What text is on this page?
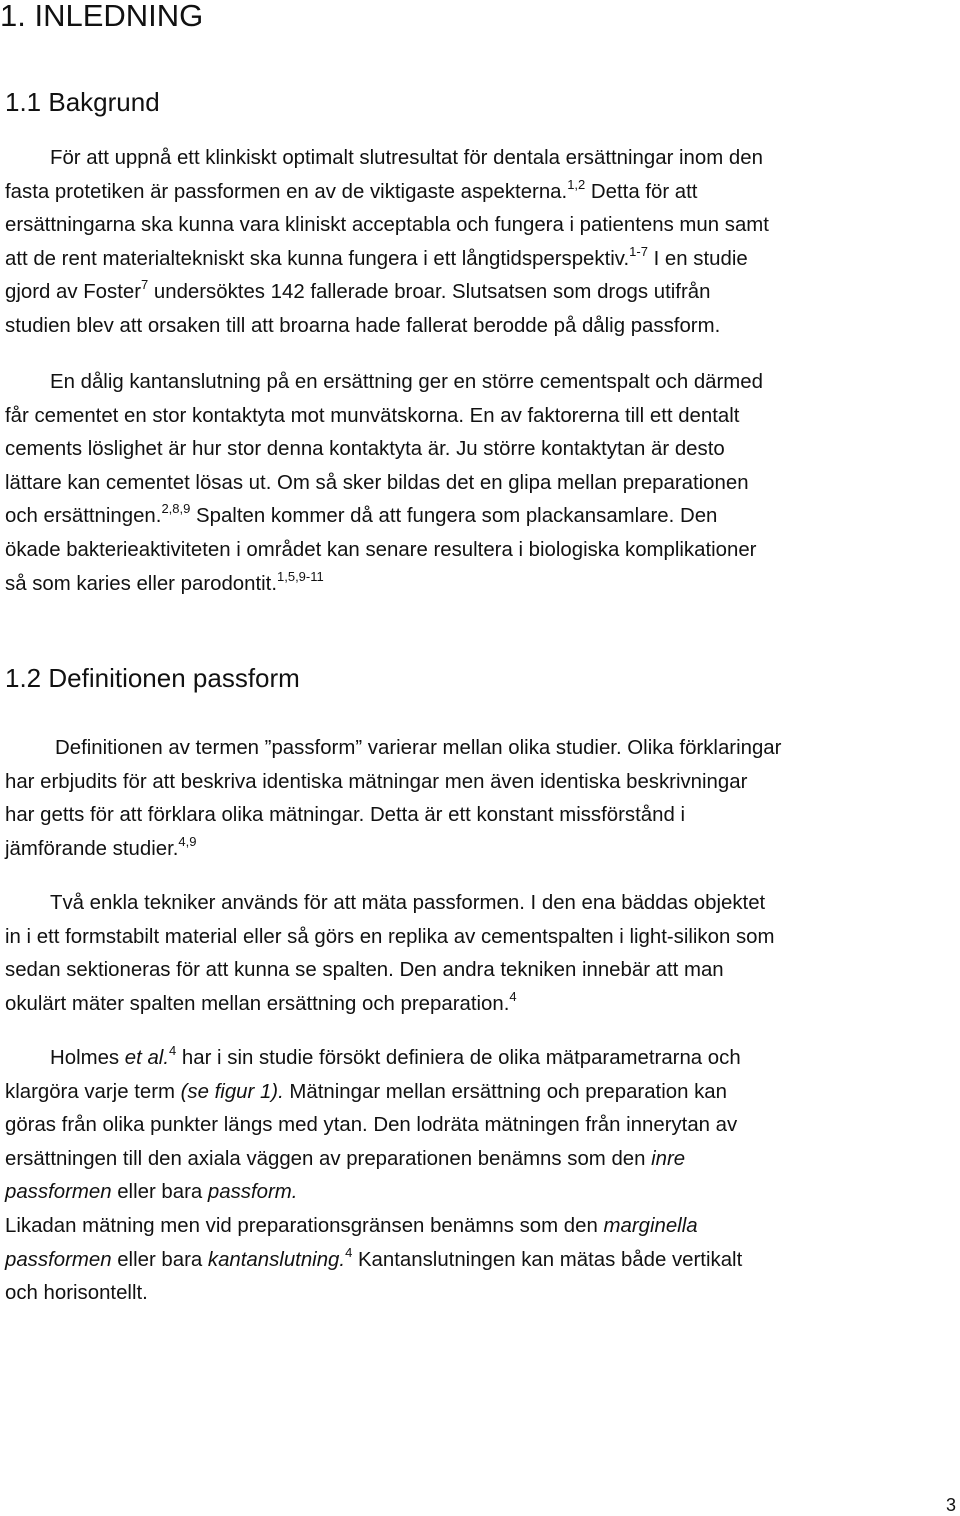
1. INLEDNING
1.1 Bakgrund
För att uppnå ett klinkiskt optimalt slutresultat för dentala ersättningar inom den
fasta protetiken är passformen en av de viktigaste aspekterna.$^{1,2}$ Detta för att
ersättningarna ska kunna vara kliniskt acceptabla och fungera i patientens mun samt
att de rent materialtekniskt ska kunna fungera i ett långtidsperspektiv.$^{1-7}$ I en studie
gjord av Foster$^7$ undersöktes 142 fallerade broar. Slutsatsen som drogs utifrån
studien blev att orsaken till att broarna hade fallerat berodde på dålig passform.
En dålig kantanslutning på en ersättning ger en större cementspalt och därmed
får cementet en stor kontaktyta mot munvätskorna. En av faktorerna till ett dentalt
cements löslighet är hur stor denna kontaktyta är. Ju större kontaktytan är desto
lättare kan cementet lösas ut. Om så sker bildas det en glipa mellan preparationen
och ersättningen.$^{2,8,9}$ Spalten kommer då att fungera som plackansamlare. Den
ökade bakterieaktiviteten i området kan senare resultera i biologiska komplikationer
så som karies eller parodontit.$^{1,5,9-11}$
1.2 Definitionen passform
Definitionen av termen ”passform” varierar mellan olika studier. Olika förklaringar
har erbjudits för att beskriva identiska mätningar men även identiska beskrivningar
har getts för att förklara olika mätningar. Detta är ett konstant missförstånd i
jämförande studier.$^{4,9}$
Två enkla tekniker används för att mäta passformen. I den ena bäddas objektet
in i ett formstabilt material eller så görs en replika av cementspalten i light-silikon som
sedan sektioneras för att kunna se spalten. Den andra tekniken innebär att man
okulärt mäter spalten mellan ersättning och preparation.$^4$
Holmes et al.$^4$ har i sin studie försökt definiera de olika mätparametrarna och
klargöra varje term (se figur 1). Mätningar mellan ersättning och preparation kan
göras från olika punkter längs med ytan. Den lodräta mätningen från innerytan av
ersättningen till den axiala väggen av preparationen benämns som den inre
passformen eller bara passform.
Likadan mätning men vid preparationsgränsen benämns som den marginella
passformen eller bara kantanslutning.$^4$ Kantanslutningen kan mätas både vertikalt
och horisontellt.
3
